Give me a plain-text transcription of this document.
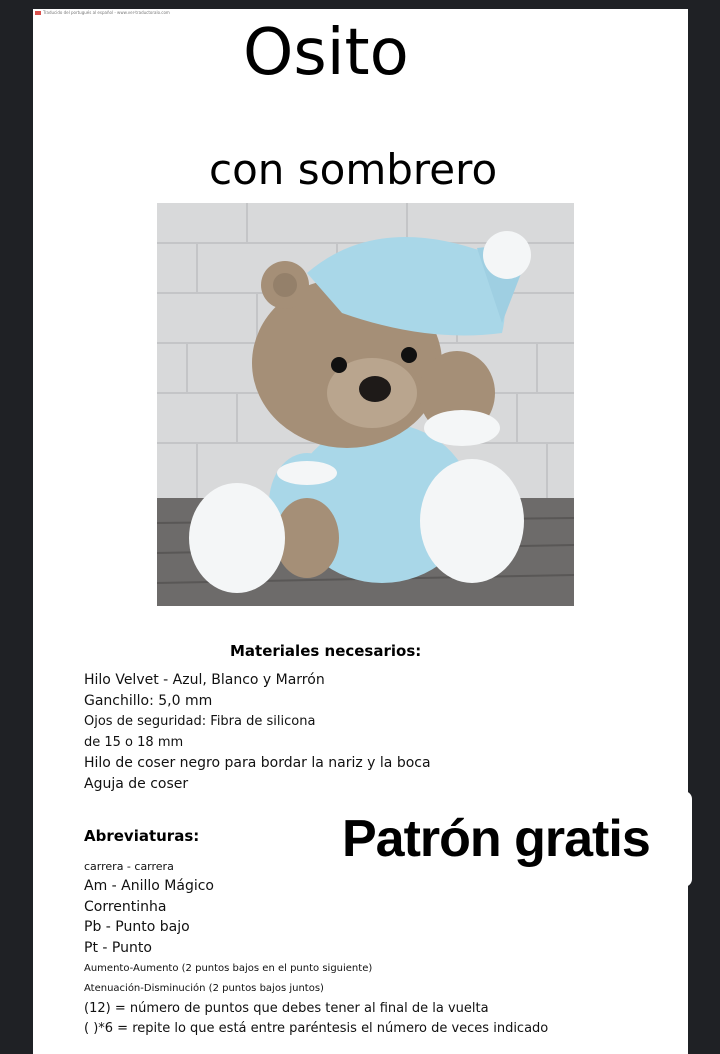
Traducido del portugués al español - www.ver-traductoralo.com
Osito
con sombrero
Materiales necesarios:
Hilo Velvet - Azul, Blanco y Marrón
Ganchillo: 5,0 mm
Ojos de seguridad: Fibra de silicona
de 15 o 18 mm
Hilo de coser negro para bordar la nariz y la boca
Aguja de coser
Abreviaturas:
carrera - carrera
Am - Anillo Mágico
Correntinha
Pb - Punto bajo
Pt - Punto
Aumento-Aumento (2 puntos bajos en el punto siguiente)
Atenuación-Disminución (2 puntos bajos juntos)
(12) = número de puntos que debes tener al final de la vuelta
( )*6 = repite lo que está entre paréntesis el número de veces indicado
Patrón gratis
